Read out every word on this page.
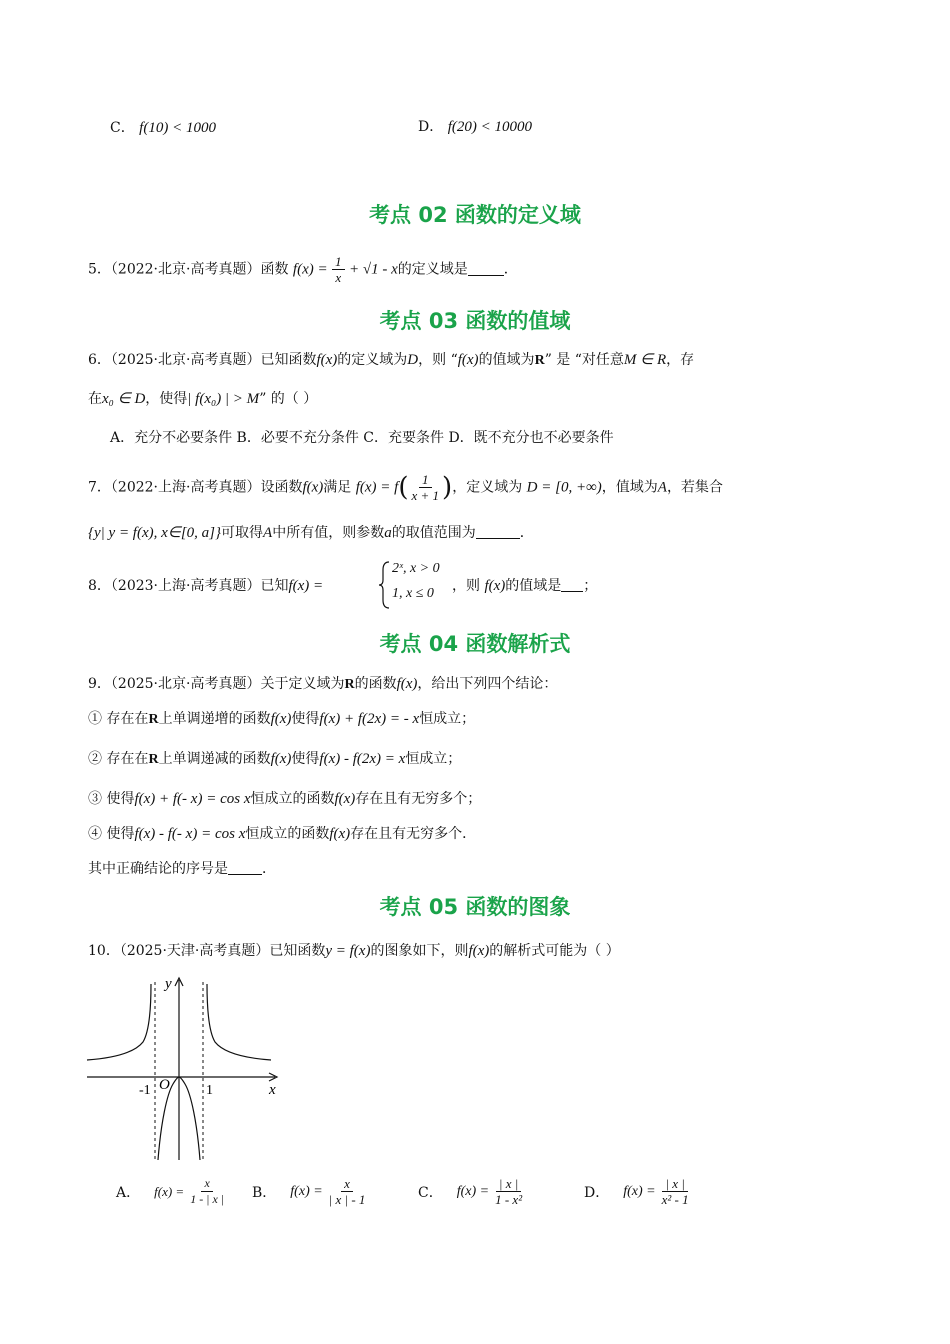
C． f(10) < 1000	D． f(20) < 10000
考点 02 函数的定义域
5．（2022·北京·高考真题）函数 $f(x) = \frac{1}{x} + √1 - x$的定义域是	．
考点 03 函数的值域
6．（2025·北京·高考真题）已知函数f(x)的定义域为D，则 “f(x)的值域为R” 是 “对任意M ∈ R，存
在x₀ ∈ D，使得| f(x₀) | > M” 的（ ）
A．充分不必要条件 B．必要不充分条件 C．充要条件 D．既不充分也不必要条件
7．（2022·上海·高考真题）设函数f(x)满足 $f(x) = f( \frac{1}{x + 1}$ )，定义域为 D = [0, +∞)，值域为A，若集合
{y| y = f(x), x∈[0, a]}可取得A中所有值，则参数a的取值范围为	．
8．（2023·上海·高考真题）已知f(x) =
2ˣ, x > 0
1, x ≤ 0 ，则 f(x)的值域是 ；
考点 04 函数解析式
9．（2025·北京·高考真题）关于定义域为R的函数f(x)，给出下列四个结论：
① 存在在R上单调递增的函数f(x)使得f(x) + f(2x) = - x恒成立；
② 存在在R上单调递减的函数f(x)使得f(x) - f(2x) = x恒成立；
③ 使得f(x) + f(- x) = cos x恒成立的函数f(x)存在且有无穷多个；
④ 使得f(x) - f(- x) = cos x恒成立的函数f(x)存在且有无穷多个．
其中正确结论的序号是 ．
考点 05 函数的图象
10．（2025·天津·高考真题）已知函数y = f(x)的图象如下，则f(x)的解析式可能为（ ）
y
x
O
-1	1
A． $f(x) = \frac{x}{1 - | x |}$ B． $f(x) = \frac{x}{| x | - 1}$	C． $f(x) = \frac{| x |}{\text{1 - x²}}$	D． $f(x) = \frac{| x |}{\text{x² - 1}}$
